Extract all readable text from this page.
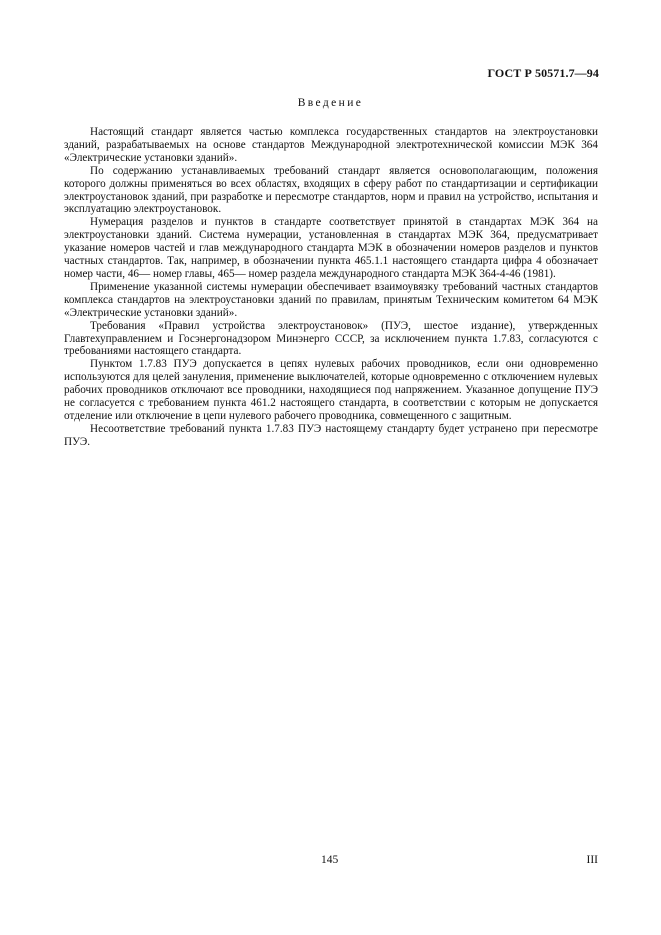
ГОСТ Р 50571.7—94
Введение

Настоящий стандарт является частью комплекса государственных стандартов на электроустановки зданий, разрабатываемых на основе стандартов Международной электротехнической комиссии МЭК 364 «Электрические установки зданий».

По содержанию устанавливаемых требований стандарт является основополагающим, положения которого должны применяться во всех областях, входящих в сферу работ по стандартизации и сертификации электроустановок зданий, при разработке и пересмотре стандартов, норм и правил на устройство, испытания и эксплуатацию электроустановок.

Нумерация разделов и пунктов в стандарте соответствует принятой в стандартах МЭК 364 на электроустановки зданий. Система нумерации, установленная в стандартах МЭК 364, предусматривает указание номеров частей и глав международного стандарта МЭК в обозначении номеров разделов и пунктов частных стандартов. Так, например, в обозначении пункта 465.1.1 настоящего стандарта цифра 4 обозначает номер части, 46— номер главы, 465— номер раздела международного стандарта МЭК 364-4-46 (1981).

Применение указанной системы нумерации обеспечивает взаимоувязку требований частных стандартов комплекса стандартов на электроустановки зданий по правилам, принятым Техническим комитетом 64 МЭК «Электрические установки зданий».

Требования «Правил устройства электроустановок» (ПУЭ, шестое издание), утвержденных Главтехуправлением и Госэнергонадзором Минэнерго СССР, за исключением пункта 1.7.83, согласуются с требованиями настоящего стандарта.

Пунктом 1.7.83 ПУЭ допускается в цепях нулевых рабочих проводников, если они одновременно используются для целей зануления, применение выключателей, которые одновременно с отключением нулевых рабочих проводников отключают все проводники, находящиеся под напряжением. Указанное допущение ПУЭ не согласуется с требованием пункта 461.2 настоящего стандарта, в соответствии с которым не допускается отделение или отключение в цепи нулевого рабочего проводника, совмещенного с защитным.

Несоответствие требований пункта 1.7.83 ПУЭ настоящему стандарту будет устранено при пересмотре ПУЭ.

145	III
